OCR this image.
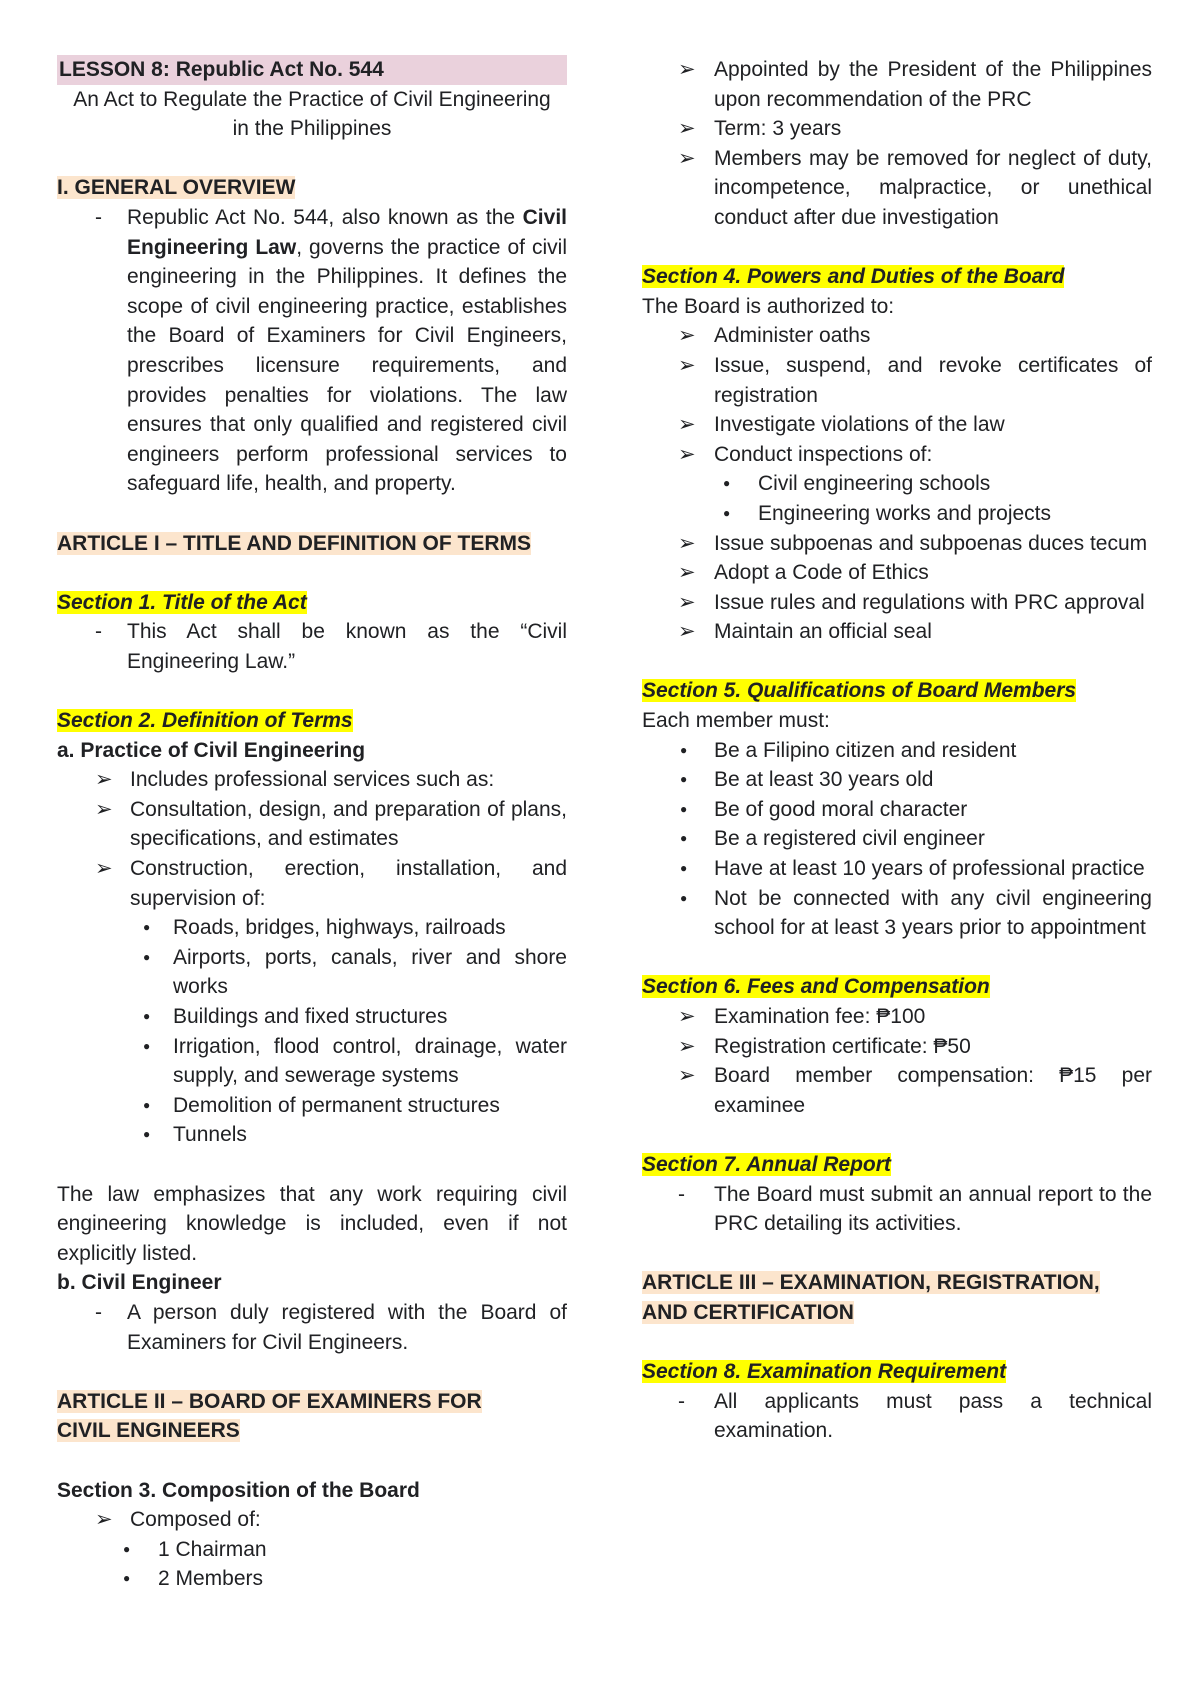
LESSON 8: Republic Act No. 544

An Act to Regulate the Practice of Civil Engineering

in the Philippines

I. GENERAL OVERVIEW

- Republic Act No. 544, also known as the Civil Engineering Law, governs the practice of civil engineering in the Philippines. It defines the scope of civil engineering practice, establishes the Board of Examiners for Civil Engineers, prescribes licensure requirements, and provides penalties for violations. The law ensures that only qualified and registered civil engineers perform professional services to safeguard life, health, and property.

ARTICLE I – TITLE AND DEFINITION OF TERMS

Section 1. Title of the Act

- This Act shall be known as the “Civil Engineering Law.”

Section 2. Definition of Terms

a. Practice of Civil Engineering

➢ Includes professional services such as:
➢ Consultation, design, and preparation of plans, specifications, and estimates
➢ Construction, erection, installation, and supervision of:
● Roads, bridges, highways, railroads
● Airports, ports, canals, river and shore works
● Buildings and fixed structures
● Irrigation, flood control, drainage, water supply, and sewerage systems
● Demolition of permanent structures
● Tunnels

The law emphasizes that any work requiring civil engineering knowledge is included, even if not explicitly listed.

b. Civil Engineer

- A person duly registered with the Board of Examiners for Civil Engineers.

ARTICLE II – BOARD OF EXAMINERS FOR
CIVIL ENGINEERS

Section 3. Composition of the Board

➢ Composed of:
● 1 Chairman
● 2 Members
➢ Appointed by the President of the Philippines upon recommendation of the PRC
➢ Term: 3 years
➢ Members may be removed for neglect of duty, incompetence, malpractice, or unethical conduct after due investigation

Section 4. Powers and Duties of the Board

The Board is authorized to:

➢ Administer oaths
➢ Issue, suspend, and revoke certificates of registration
➢ Investigate violations of the law
➢ Conduct inspections of:
● Civil engineering schools
● Engineering works and projects
➢ Issue subpoenas and subpoenas duces tecum
➢ Adopt a Code of Ethics
➢ Issue rules and regulations with PRC approval
➢ Maintain an official seal

Section 5. Qualifications of Board Members

Each member must:

● Be a Filipino citizen and resident
● Be at least 30 years old
● Be of good moral character
● Be a registered civil engineer
● Have at least 10 years of professional practice
● Not be connected with any civil engineering school for at least 3 years prior to appointment

Section 6. Fees and Compensation

➢ Examination fee: ₱100
➢ Registration certificate: ₱50
➢ Board member compensation: ₱15 per examinee

Section 7. Annual Report

- The Board must submit an annual report to the PRC detailing its activities.

ARTICLE III – EXAMINATION, REGISTRATION,
AND CERTIFICATION

Section 8. Examination Requirement

- All applicants must pass a technical examination.
